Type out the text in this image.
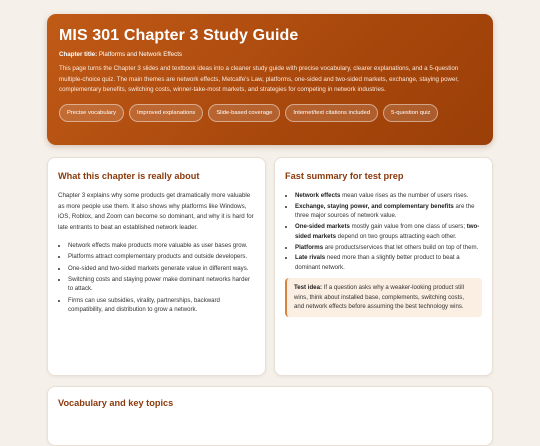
MIS 301 Chapter 3 Study Guide
Chapter title: Platforms and Network Effects
This page turns the Chapter 3 slides and textbook ideas into a cleaner study guide with precise vocabulary, clearer explanations, and a 5-question multiple-choice quiz. The main themes are network effects, Metcalfe's Law, platforms, one-sided and two-sided markets, exchange, staying power, complementary benefits, switching costs, winner-take-most markets, and strategies for competing in network industries.
Precise vocabulary	Improved explanations	Slide-based coverage	Internet/text citations included	5-question quiz
What this chapter is really about
Chapter 3 explains why some products get dramatically more valuable as more people use them. It also shows why platforms like Windows, iOS, Roblox, and Zoom can become so dominant, and why it is hard for late entrants to beat an established network leader.
• Network effects make products more valuable as user bases grow.
• Platforms attract complementary products and outside developers.
• One-sided and two-sided markets generate value in different ways.
• Switching costs and staying power make dominant networks harder to attack.
• Firms can use subsidies, virality, partnerships, backward compatibility, and distribution to grow a network.
Fast summary for test prep
• Network effects mean value rises as the number of users rises.
• Exchange, staying power, and complementary benefits are the three major sources of network value.
• One-sided markets mostly gain value from one class of users; two-sided markets depend on two groups attracting each other.
• Platforms are products/services that let others build on top of them.
• Late rivals need more than a slightly better product to beat a dominant network.
Test idea: If a question asks why a weaker-looking product still wins, think about installed base, complements, switching costs, and network effects before assuming the best technology wins.
Vocabulary and key topics
